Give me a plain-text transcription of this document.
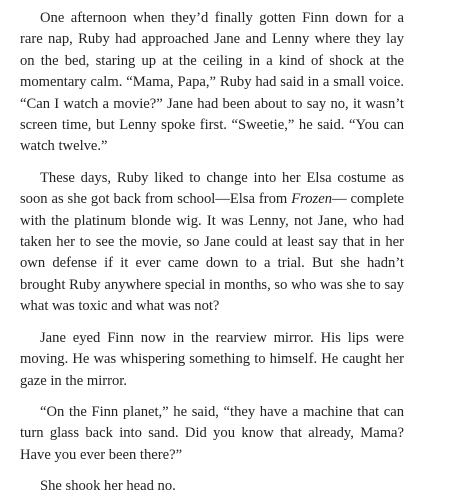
One afternoon when they’d finally gotten Finn down for a rare nap, Ruby had approached Jane and Lenny where they lay on the bed, staring up at the ceiling in a kind of shock at the momentary calm. “Mama, Papa,” Ruby had said in a small voice. “Can I watch a movie?” Jane had been about to say no, it wasn’t screen time, but Lenny spoke first. “Sweetie,” he said. “You can watch twelve.”

These days, Ruby liked to change into her Elsa costume as soon as she got back from school—Elsa from Frozen— complete with the platinum blonde wig. It was Lenny, not Jane, who had taken her to see the movie, so Jane could at least say that in her own defense if it ever came down to a trial. But she hadn’t brought Ruby anywhere special in months, so who was she to say what was toxic and what was not?

Jane eyed Finn now in the rearview mirror. His lips were moving. He was whispering something to himself. He caught her gaze in the mirror.

“On the Finn planet,” he said, “they have a machine that can turn glass back into sand. Did you know that already, Mama? Have you ever been there?”

She shook her head no.
